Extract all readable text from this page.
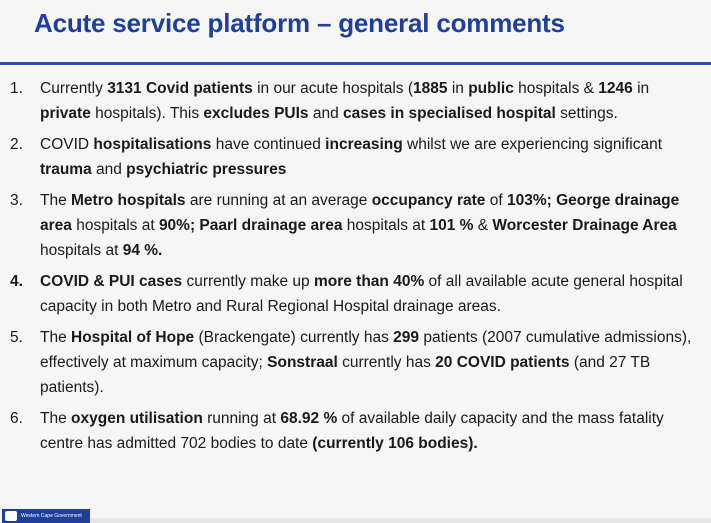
Acute service platform – general comments
1. Currently 3131 Covid patients in our acute hospitals (1885 in public hospitals & 1246 in private hospitals). This excludes PUIs and cases in specialised hospital settings.
2. COVID hospitalisations have continued increasing whilst we are experiencing significant trauma and psychiatric pressures
3. The Metro hospitals are running at an average occupancy rate of 103%; George drainage area hospitals at 90%; Paarl drainage area hospitals at 101 % & Worcester Drainage Area hospitals at 94 %.
4. COVID & PUI cases currently make up more than 40% of all available acute general hospital capacity in both Metro and Rural Regional Hospital drainage areas.
5. The Hospital of Hope (Brackengate) currently has 299 patients (2007 cumulative admissions), effectively at maximum capacity; Sonstraal currently has 20 COVID patients (and 27 TB patients).
6. The oxygen utilisation running at 68.92 % of available daily capacity and the mass fatality centre has admitted 702 bodies to date (currently 106 bodies).
Western Cape Government
